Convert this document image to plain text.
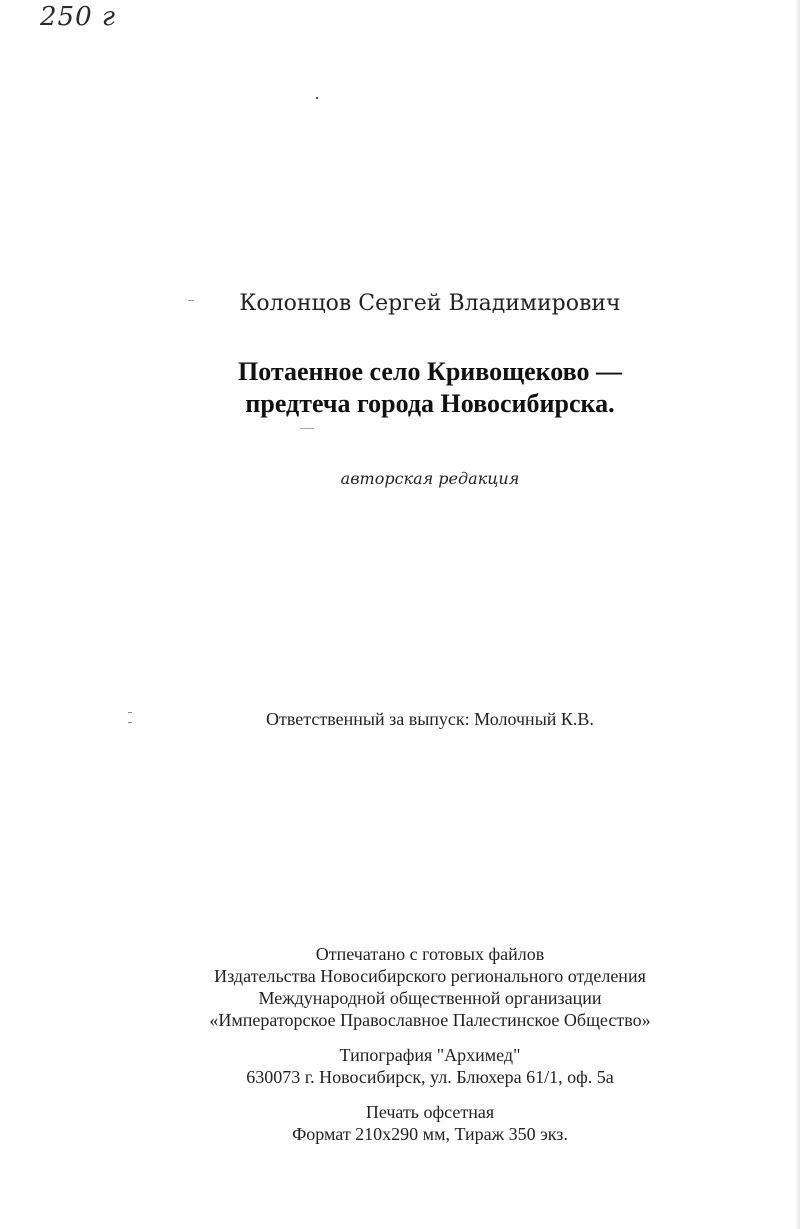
250 г
Колонцов Сергей Владимирович
Потаенное село Кривощеково —
предтеча города Новосибирска.
авторская редакция
Ответственный за выпуск: Молочный К.В.
Отпечатано с готовых файлов
Издательства Новосибирского регионального отделения
Международной общественной организации
«Императорское Православное Палестинское Общество»
Типография "Архимед"
630073 г. Новосибирск, ул. Блюхера 61/1, оф. 5а
Печать офсетная
Формат 210х290 мм, Тираж 350 экз.
